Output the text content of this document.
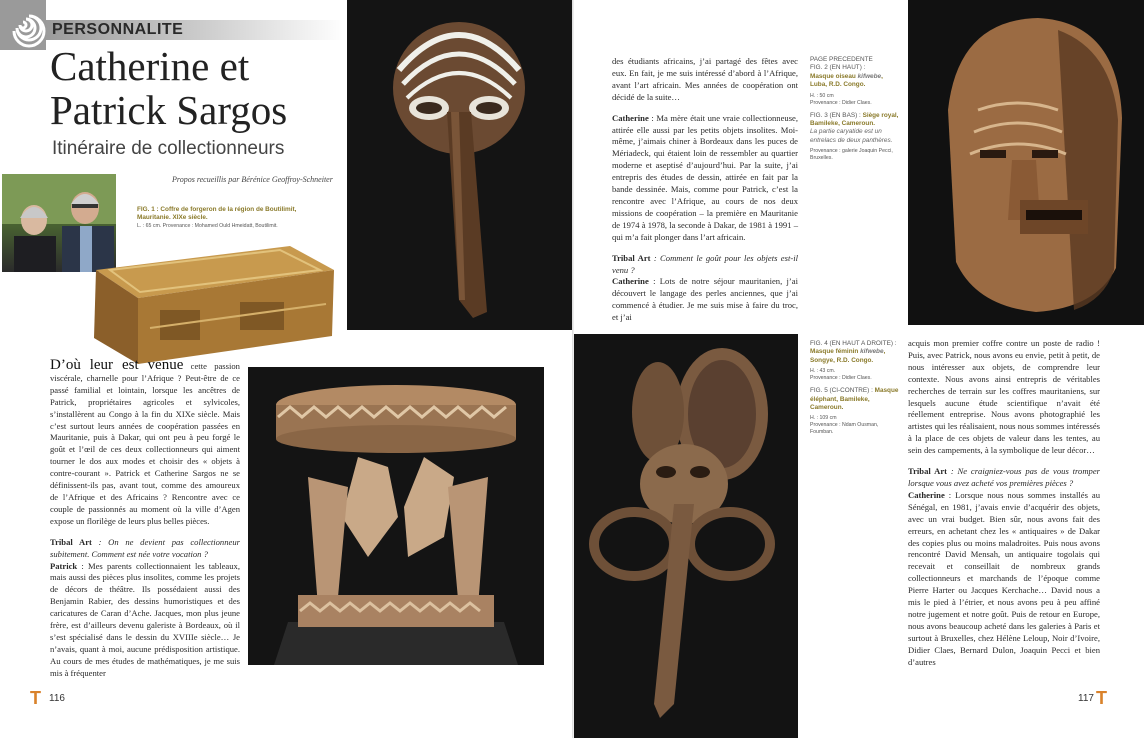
PERSONNALITE
Catherine et
Patrick Sargos
Itinéraire de collectionneurs
Propos recueillis par Bérénice Geoffroy-Schneiter
FIG. 1 : Coffre de forgeron de la région de Boutilimit, Mauritanie. XIXe siècle.
L. : 65 cm. Provenance : Mohamed Ould Hmeidatt, Boutilimit.

D’où leur est venue cette passion viscérale, charnelle pour l’Afrique ? Peut-être de ce passé familial et lointain, lorsque les ancêtres de Patrick, propriétaires agricoles et sylvicoles, s’installèrent au Congo à la fin du XIXe siècle. Mais c’est surtout leurs années de coopération passées en Mauritanie, puis à Dakar, qui ont peu à peu forgé le goût et l’œil de ces deux collectionneurs qui aiment tourner le dos aux modes et choisir des « objets à contre-courant ». Patrick et Catherine Sargos ne se définissent-ils pas, avant tout, comme des amoureux de l’Afrique et des Africains ? Rencontre avec ce couple de passionnés au moment où la ville d’Agen expose un florilège de leurs plus belles pièces.

Tribal Art : On ne devient pas collectionneur subitement. Comment est née votre vocation ?
Patrick : Mes parents collectionnaient les tableaux, mais aussi des pièces plus insolites, comme les projets de décors de théâtre. Ils possédaient aussi des Benjamin Rabier, des dessins humoristiques et des caricatures de Caran d’Ache. Jacques, mon plus jeune frère, est d’ailleurs devenu galeriste à Bordeaux, où il s’est spécialisé dans le dessin du XVIIIe siècle… Je n’avais, quant à moi, aucune prédisposition artistique. Au cours de mes études de mathématiques, je me suis mis à fréquenter

T 116

des étudiants africains, j’ai partagé des fêtes avec eux. En fait, je me suis intéressé d’abord à l’Afrique, avant l’art africain. Mes années de coopération ont décidé de la suite…

Catherine : Ma mère était une vraie collectionneuse, attirée elle aussi par les petits objets insolites. Moi-même, j’aimais chiner à Bordeaux dans les puces de Mériadeck, qui étaient loin de ressembler au quartier moderne et aseptisé d’aujourd’hui. Par la suite, j’ai entrepris des études de dessin, attirée en fait par la bande dessinée. Mais, comme pour Patrick, c’est la rencontre avec l’Afrique, au cours de nos deux missions de coopération – la première en Mauritanie de 1974 à 1978, la seconde à Dakar, de 1981 à 1991 – qui m’a fait plonger dans l’art africain.

Tribal Art : Comment le goût pour les objets est-il venu ?
Catherine : Lots de notre séjour mauritanien, j’ai découvert le langage des perles anciennes, que j’ai commencé à étudier. Je me suis mise à faire du troc, et j’ai

PAGE PRECEDENTE
FIG. 2 (EN HAUT) :
Masque oiseau kifwebe, Luba, R.D. Congo.
H. : 50 cm
Provenance : Didier Claes.
FIG. 3 (EN BAS) : Siège royal, Bamileke, Cameroun.
La partie caryatide est un entrelacs de deux panthères.
Provenance : galerie Joaquin Pecci, Bruxelles.
FIG. 4 (EN HAUT A DROITE) :
Masque féminin kifwebe, Songye, R.D. Congo.
H. : 43 cm.
Provenance : Didier Claes.
FIG. 5 (CI-CONTRE) : Masque éléphant, Bamileke, Cameroun.
H. : 109 cm
Provenance : Ndam Ousman, Foumban.

acquis mon premier coffre contre un poste de radio ! Puis, avec Patrick, nous avons eu envie, petit à petit, de nous intéresser aux objets, de comprendre leur contexte. Nous avons ainsi entrepris de véritables recherches de terrain sur les coffres mauritaniens, sur lesquels aucune étude scientifique n’avait été réellement entreprise. Nous avons photographié les artistes qui les réalisaient, nous nous sommes intéressés à la place de ces objets de valeur dans les tentes, au sein des campements, à la symbolique de leur décor…

Tribal Art : Ne craigniez-vous pas de vous tromper lorsque vous avez acheté vos premières pièces ?
Catherine : Lorsque nous nous sommes installés au Sénégal, en 1981, j’avais envie d’acquérir des objets, avec un vrai budget. Bien sûr, nous avons fait des erreurs, en achetant chez les « antiquaires » de Dakar des copies plus ou moins maladroites. Puis nous avons rencontré David Mensah, un antiquaire togolais qui recevait et conseillait de nombreux grands collectionneurs et marchands de l’époque comme Pierre Harter ou Jacques Kerchache… David nous a mis le pied à l’étrier, et nous avons peu à peu affiné notre jugement et notre goût. Puis de retour en Europe, nous avons beaucoup acheté dans les galeries à Paris et surtout à Bruxelles, chez Hélène Leloup, Noir d’Ivoire, Didier Claes, Bernard Dulon, Joaquin Pecci et bien d’autres

117 T
